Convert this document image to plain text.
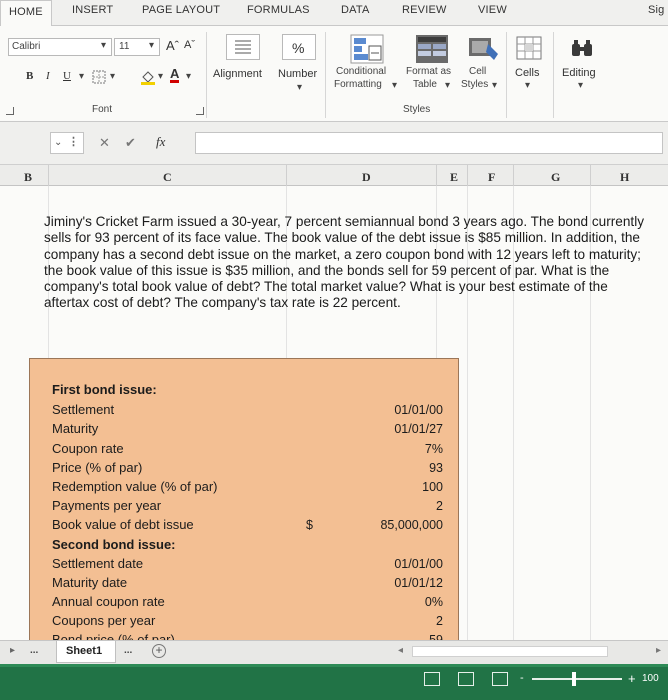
HOME	INSERT	PAGE LAYOUT FORMULAS	DATA	REVIEW	VIEW	Sig
Calibri	▾ 11 ▾ Aˆ Aˇ
B I U ▾	▾	▾ A ▾
Font
Alignment
%
Number
▾
Conditional
Formatting ▾
Format as
Table ▾
Cell
Styles ▾
Styles
Cells
▾
Editing
▾
⌄ ⋮ ✕ ✔ fx
B	C	D	E F	G	H
Jiminy's Cricket Farm issued a 30-year, 7 percent semiannual bond 3 years ago. The bond currently sells for 93 percent of its face value. The book value of the debt issue is $85 million. In addition, the company has a second debt issue on the market, a zero coupon bond with 12 years left to maturity; the book value of this issue is $35 million, and the bonds sell for 59 percent of par. What is the company's total book value of debt? The total market value? What is your best estimate of the aftertax cost of debt? The company's tax rate is 22 percent.
First bond issue:
Settlement	01/01/00
Maturity	01/01/27
Coupon rate	7%
Price (% of par)	93
Redemption value (% of par)	100
Payments per year	2
Book value of debt issue	$	85,000,000
Second bond issue:
Settlement date	01/01/00
Maturity date	01/01/12
Annual coupon rate	0%
Coupons per year	2
▸ ...	Sheet1	... +	◂	▸
-	+ 100
